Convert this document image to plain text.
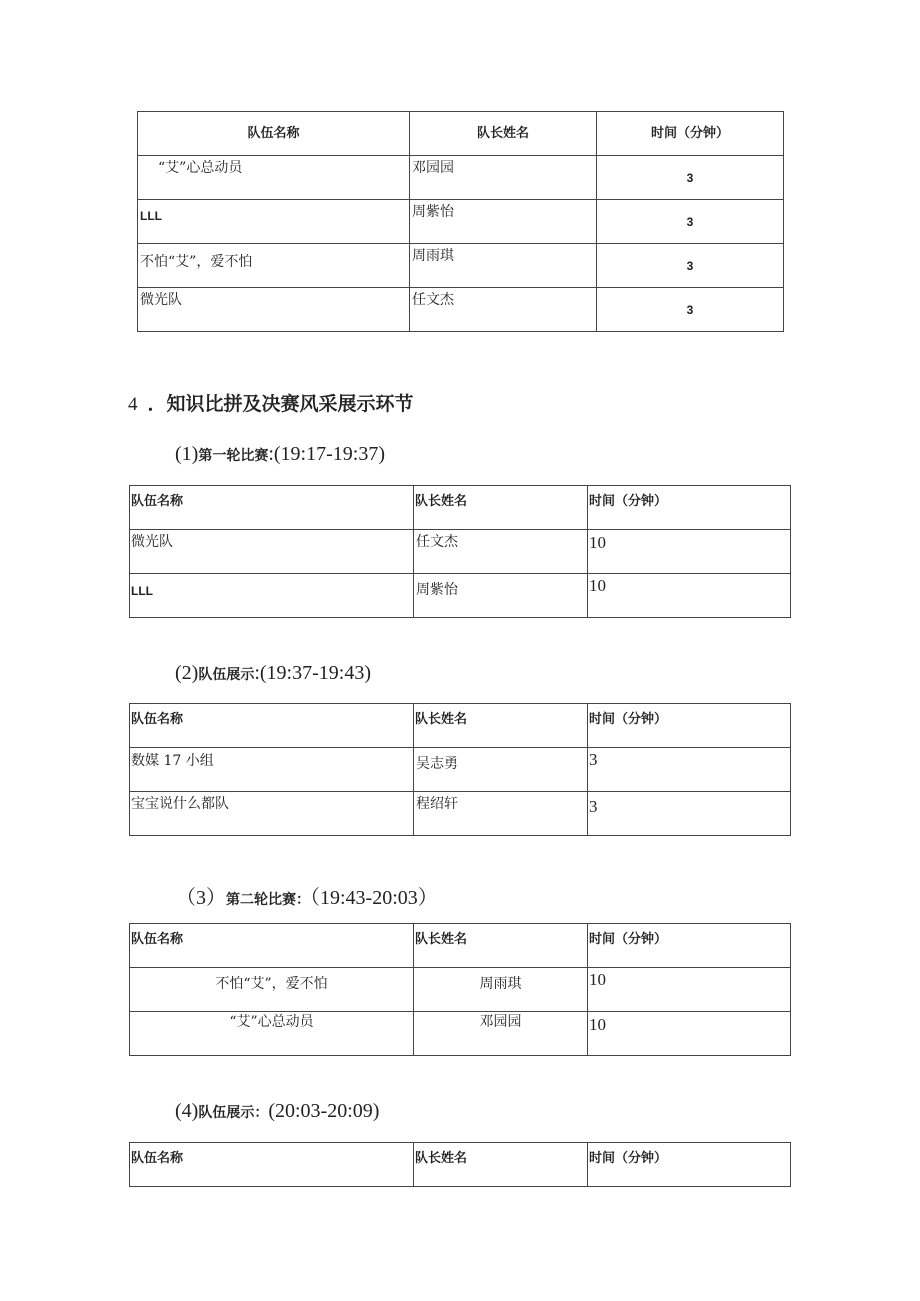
队伍名称	队长姓名	时间（分钟）
“艾”心总动员	邓园园	3
LLL	周紫怡	3
不怕“艾”，爱不怕	周雨琪	3
微光队	任文杰	3
4 ．知识比拼及决赛风采展示环节
(1)第一轮比赛:(19:17-19:37)
队伍名称	队长姓名	时间（分钟）
微光队	任文杰	10
LLL	周紫怡	10
(2)队伍展示:(19:37-19:43)
队伍名称	队长姓名	时间（分钟）
数媒 17 小组	吴志勇	3
宝宝说什么都队	程绍轩	3
（3）第二轮比赛：（19:43-20:03）
队伍名称	队长姓名	时间（分钟）
不怕“艾”，爱不怕	周雨琪	10
“艾”心总动员	邓园园	10
(4)队伍展示：(20:03-20:09)
队伍名称	队长姓名	时间（分钟）
